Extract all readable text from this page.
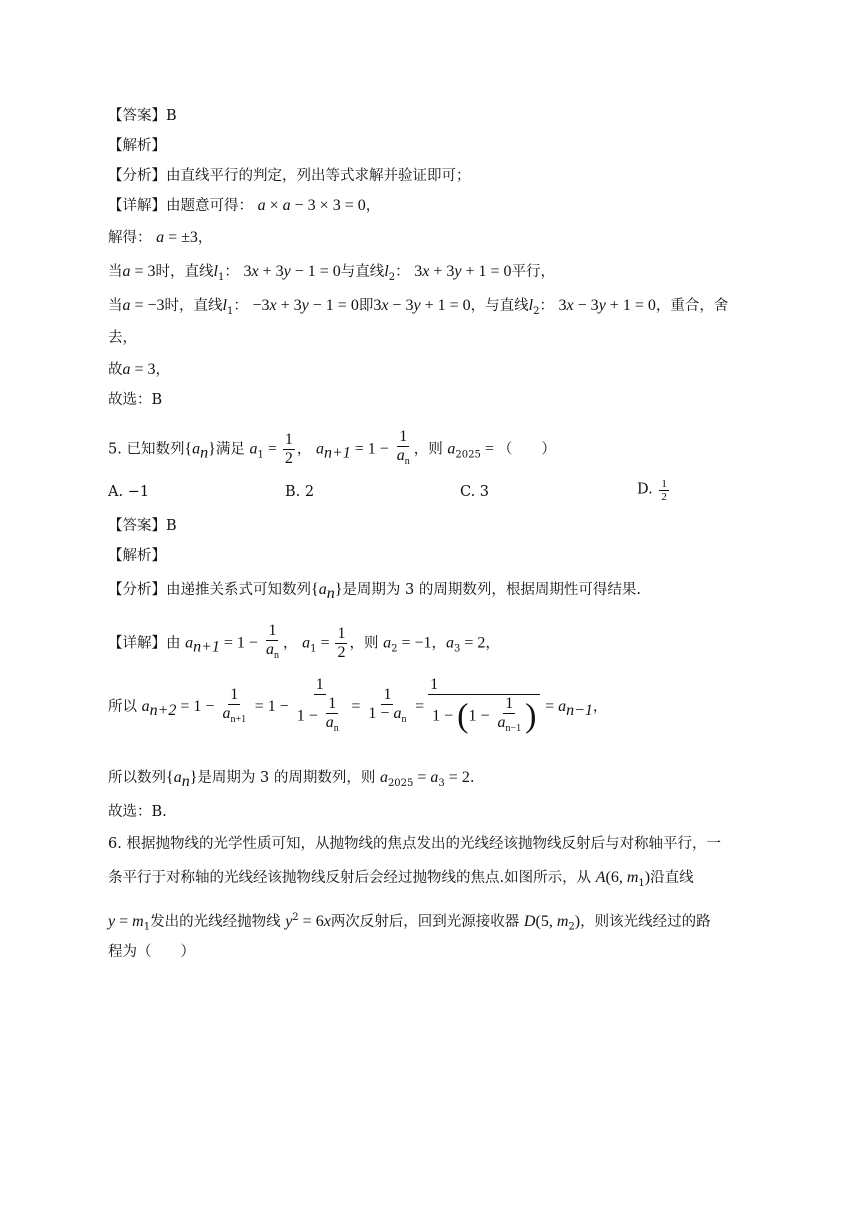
【答案】B
【解析】
【分析】由直线平行的判定，列出等式求解并验证即可；
【详解】由题意可得： a × a − 3 × 3 = 0，
解得： a = ±3，
当a = 3时，直线$l_1$： 3x + 3y − 1 = 0与直线$l_2$： 3x + 3y + 1 = 0平行，
当a = −3时，直线$l_1$： −3x + 3y − 1 = 0即3x − 3y + 1 = 0，与直线$l_2$： 3x − 3y + 1 = 0，重合，舍
去，
故a = 3，
故选：B
5. 已知数列$\{a_n\}$满足 $a_1 = \frac{1}{2}$ ， $a_{n+1} = 1 - \frac{1}{a_n}$ ，则 $a_{2025}$ = （　　）
A. −1	B. 2	C. 3	D. $\frac{1}{2}$
【答案】B
【解析】
【分析】由递推关系式可知数列$\{a_n\}$是周期为 3 的周期数列，根据周期性可得结果.
【详解】由 $a_{n+1} = 1 - \frac{1}{a_n}$ ， $a_1 = \frac{1}{2}$ ，则 $a_2 = -1$，$a_3 = 2$，
所以 $a_{n+2} = 1 - \frac{1}{a_{n+1}} = 1 - \frac{1}{1 - \frac{1}{a_n}} = \frac{1}{1 - a_n} = \frac{1}{1 - (1 - \frac{1}{a_{n-1}} )} = a_{n-1}$，
所以数列$\{a_n\}$是周期为 3 的周期数列，则 $a_{2025} = a_3 = 2$.
故选：B.
6. 根据抛物线的光学性质可知，从抛物线的焦点发出的光线经该抛物线反射后与对称轴平行，一
条平行于对称轴的光线经该抛物线反射后会经过抛物线的焦点.如图所示，从 A(6, $m_1$)沿直线
$y = m_1$发出的光线经抛物线 $y^2 = 6x$两次反射后，回到光源接收器 D(5, $m_2$)，则该光线经过的路
程为（　　）
